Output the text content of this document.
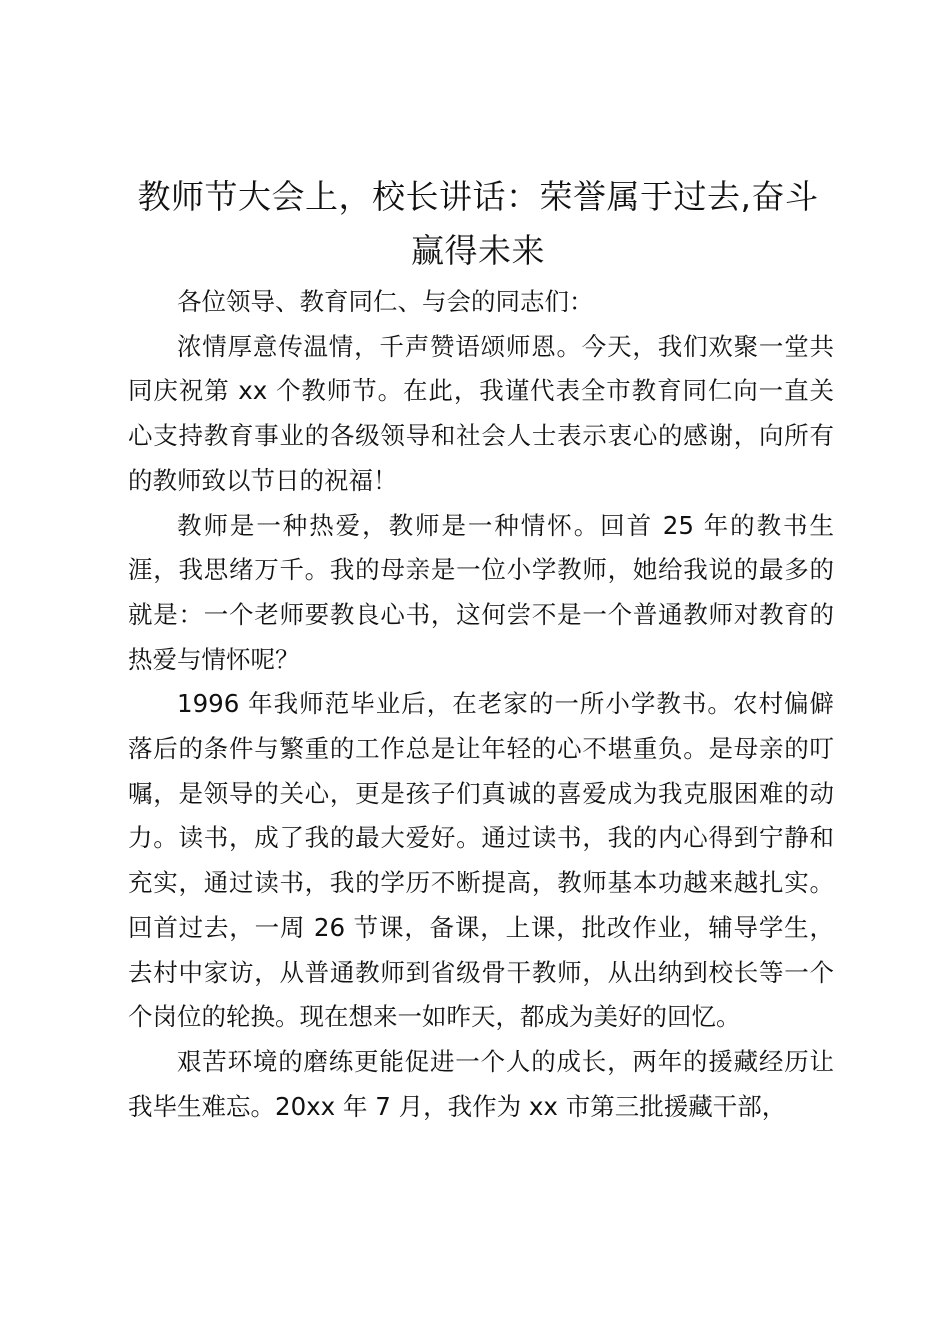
教师节大会上，校长讲话：荣誉属于过去,奋斗赢得未来

各位领导、教育同仁、与会的同志们：

浓情厚意传温情，千声赞语颂师恩。今天，我们欢聚一堂共同庆祝第 xx 个教师节。在此，我谨代表全市教育同仁向一直关心支持教育事业的各级领导和社会人士表示衷心的感谢，向所有的教师致以节日的祝福！

教师是一种热爱，教师是一种情怀。回首 25 年的教书生涯，我思绪万千。我的母亲是一位小学教师，她给我说的最多的就是：一个老师要教良心书，这何尝不是一个普通教师对教育的热爱与情怀呢？

1996 年我师范毕业后，在老家的一所小学教书。农村偏僻落后的条件与繁重的工作总是让年轻的心不堪重负。是母亲的叮嘱，是领导的关心，更是孩子们真诚的喜爱成为我克服困难的动力。读书，成了我的最大爱好。通过读书，我的内心得到宁静和充实，通过读书，我的学历不断提高，教师基本功越来越扎实。回首过去，一周 26 节课，备课，上课，批改作业，辅导学生，去村中家访，从普通教师到省级骨干教师，从出纳到校长等一个个岗位的轮换。现在想来一如昨天，都成为美好的回忆。

艰苦环境的磨练更能促进一个人的成长，两年的援藏经历让我毕生难忘。20xx 年 7 月，我作为 xx 市第三批援藏干部，
